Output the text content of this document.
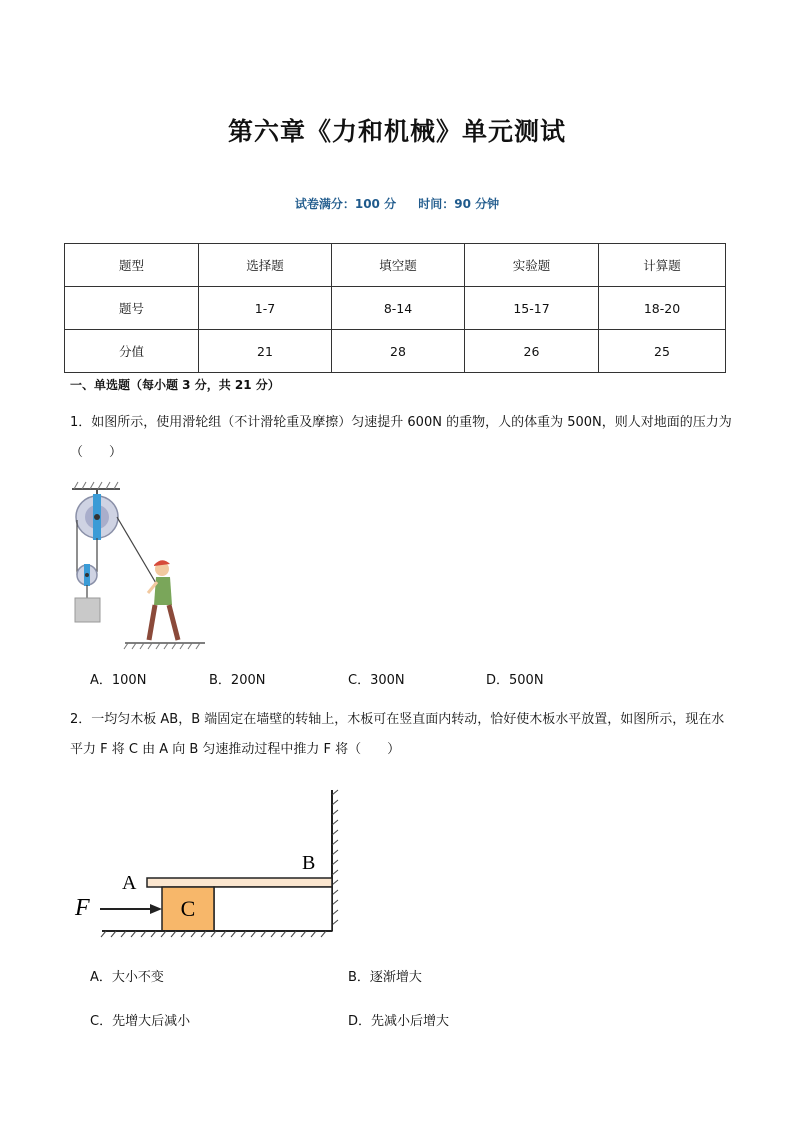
第六章《力和机械》单元测试
试卷满分：100 分 时间：90 分钟
题型	选择题	填空题	实验题	计算题
题号	1-7	8-14	15-17	18-20
分值	21	28	26	25
一、单选题（每小题 3 分，共 21 分）
1．如图所示，使用滑轮组（不计滑轮重及摩擦）匀速提升 600N 的重物，人的体重为 500N，则人对地面的压力为（　　）
A．100N	B．200N	C．300N	D．500N
2．一均匀木板 AB，B 端固定在墙壁的转轴上，木板可在竖直面内转动，恰好使木板水平放置，如图所示，现在水平力 F 将 C 由 A 向 B 匀速推动过程中推力 F 将（　　）
C
F
A
B
A．大小不变	B．逐渐增大
C．先增大后减小	D．先减小后增大
